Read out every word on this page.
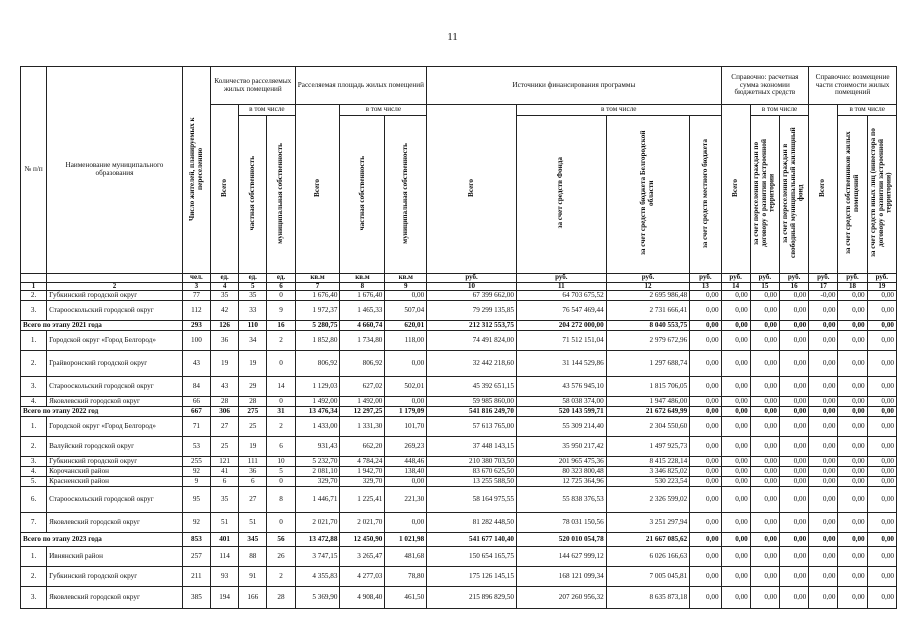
11
№ п/п	Наименование муниципального образования	Число жителей, планируемых к переселению	Количество расселяемых жилых помещений			Расселяемая площадь жилых помещений			Источники финансирования программы				Справочно: расчетная сумма экономии бюджетных средств			Справочно: возмещение части стоимости жилых помещений		
			Всего	в том числе		Всего	в том числе		Всего	в том числе			Всего	в том числе		Всего	в том числе	
				частная собственность	муниципальная собственность		частная собственность	муниципальная собственность		за счет средств Фонда	за счет средств бюджета Белгородской области	за счет средств местного бюджета		за счет переселения граждан по договору о развитии застроенной территории	за счет переселения граждан в свободный муниципальный жилищный фонд		за счет средств собственников жилых помещений	за счет средств иных лиц (инвестора по договору о развитии застроенной территории)
		чел.	ед.	ед.	ед.	кв.м	кв.м	кв.м	руб.	руб.	руб.	руб.	руб.	руб.	руб.	руб.	руб.	руб.
1	2	3	4	5	6	7	8	9	10	11	12	13	14	15	16	17	18	19
2.	Губкинский городской округ	77	35	35	0	1 676,40	1 676,40	0,00	67 399 662,00	64 703 675,52	2 695 986,48	0,00	0,00	0,00	0,00	-0,00	0,00	0,00
3.	Старооскольский городской округ	112	42	33	9	1 972,37	1 465,33	507,04	79 299 135,85	76 547 469,44	2 731 666,41	0,00	0,00	0,00	0,00	0,00	0,00	0,00
Всего по этапу 2021 года		293	126	110	16	5 280,75	4 660,74	620,01	212 312 553,75	204 272 000,00	8 040 553,75	0,00	0,00	0,00	0,00	0,00	0,00	0,00
1.	Городской округ «Город Белгород»	100	36	34	2	1 852,80	1 734,80	118,00	74 491 824,00	71 512 151,04	2 979 672,96	0,00	0,00	0,00	0,00	0,00	0,00	0,00
2.	Грайворонский городской округ	43	19	19	0	806,92	806,92	0,00	32 442 218,60	31 144 529,86	1 297 688,74	0,00	0,00	0,00	0,00	0,00	0,00	0,00
3.	Старооскольский городской округ	84	43	29	14	1 129,03	627,02	502,01	45 392 651,15	43 576 945,10	1 815 706,05	0,00	0,00	0,00	0,00	0,00	0,00	0,00
4.	Яковлевский городской округ	66	28	28	0	1 492,00	1 492,00	0,00	59 985 860,00	58 038 374,00	1 947 486,00	0,00	0,00	0,00	0,00	0,00	0,00	0,00
Всего по этапу 2022 год		667	306	275	31	13 476,34	12 297,25	1 179,09	541 816 249,70	520 143 599,71	21 672 649,99	0,00	0,00	0,00	0,00	0,00	0,00	0,00
1.	Городской округ «Город Белгород»	71	27	25	2	1 433,00	1 331,30	101,70	57 613 765,00	55 309 214,40	2 304 550,60	0,00	0,00	0,00	0,00	0,00	0,00	0,00
2.	Валуйский городской округ	53	25	19	6	931,43	662,20	269,23	37 448 143,15	35 950 217,42	1 497 925,73	0,00	0,00	0,00	0,00	0,00	0,00	0,00
3.	Губкинский городской округ	255	121	111	10	5 232,70	4 784,24	448,46	210 380 703,50	201 965 475,36	8 415 228,14	0,00	0,00	0,00	0,00	0,00	0,00	0,00
4.	Корочанский район	92	41	36	5	2 081,10	1 942,70	138,40	83 670 625,50	80 323 800,48	3 346 825,02	0,00	0,00	0,00	0,00	0,00	0,00	0,00
5.	Красненский район	9	6	6	0	329,70	329,70	0,00	13 255 588,50	12 725 364,96	530 223,54	0,00	0,00	0,00	0,00	0,00	0,00	0,00
6.	Старооскольский городской округ	95	35	27	8	1 446,71	1 225,41	221,30	58 164 975,55	55 838 376,53	2 326 599,02	0,00	0,00	0,00	0,00	0,00	0,00	0,00
7.	Яковлевский городской округ	92	51	51	0	2 021,70	2 021,70	0,00	81 282 448,50	78 031 150,56	3 251 297,94	0,00	0,00	0,00	0,00	0,00	0,00	0,00
Всего по этапу 2023 года		853	401	345	56	13 472,88	12 450,90	1 021,98	541 677 140,40	520 010 054,78	21 667 085,62	0,00	0,00	0,00	0,00	0,00	0,00	0,00
1.	Ивнянский район	257	114	88	26	3 747,15	3 265,47	481,68	150 654 165,75	144 627 999,12	6 026 166,63	0,00	0,00	0,00	0,00	0,00	0,00	0,00
2.	Губкинский городской округ	211	93	91	2	4 355,83	4 277,03	78,80	175 126 145,15	168 121 099,34	7 005 045,81	0,00	0,00	0,00	0,00	0,00	0,00	0,00
3.	Яковлевский городской округ	385	194	166	28	5 369,90	4 908,40	461,50	215 896 829,50	207 260 956,32	8 635 873,18	0,00	0,00	0,00	0,00	0,00	0,00	0,00
